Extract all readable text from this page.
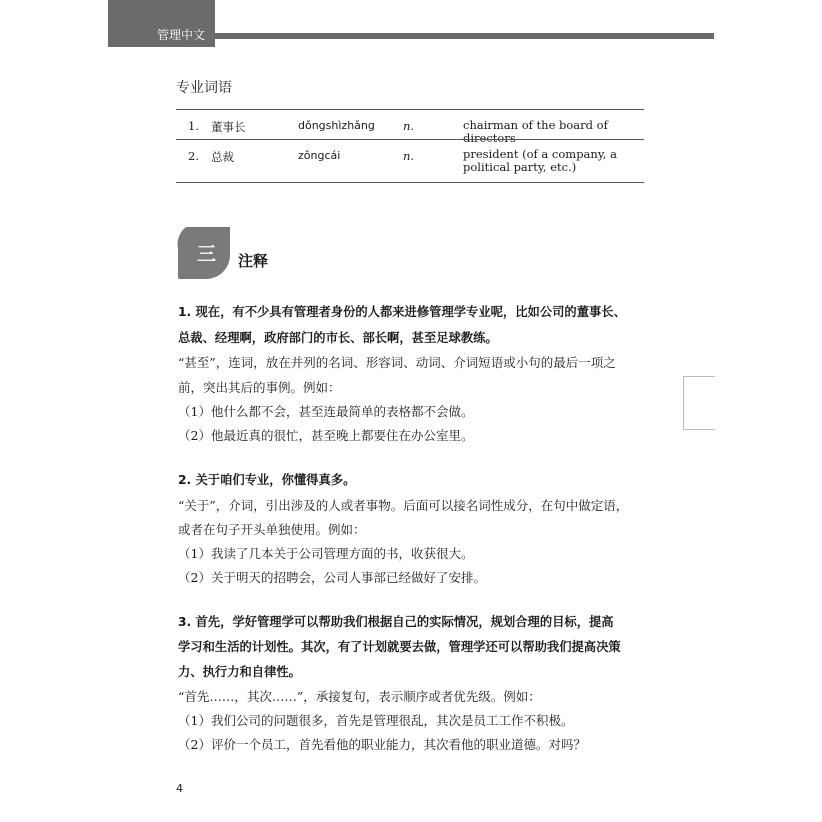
管理中文
专业词语
1. 董事长	dǒngshìzhǎng n.	chairman of the board of directors
2. 总裁	zǒngcái	n.	president (of a company, a political party, etc.)
三 注释
1. 现在，有不少具有管理者身份的人都来进修管理学专业呢，比如公司的董事长、
总裁、经理啊，政府部门的市长、部长啊，甚至足球教练。
“甚至”，连词，放在并列的名词、形容词、动词、介词短语或小句的最后一项之
前，突出其后的事例。例如：
（1）他什么都不会，甚至连最简单的表格都不会做。
（2）他最近真的很忙，甚至晚上都要住在办公室里。
2. 关于咱们专业，你懂得真多。
“关于”，介词，引出涉及的人或者事物。后面可以接名词性成分，在句中做定语，
或者在句子开头单独使用。例如：
（1）我读了几本关于公司管理方面的书，收获很大。
（2）关于明天的招聘会，公司人事部已经做好了安排。
3. 首先，学好管理学可以帮助我们根据自己的实际情况，规划合理的目标，提高
学习和生活的计划性。其次，有了计划就要去做，管理学还可以帮助我们提高决策
力、执行力和自律性。
“首先……，其次……”，承接复句，表示顺序或者优先级。例如：
（1）我们公司的问题很多，首先是管理很乱，其次是员工工作不积极。
（2）评价一个员工，首先看他的职业能力，其次看他的职业道德。对吗？
4
